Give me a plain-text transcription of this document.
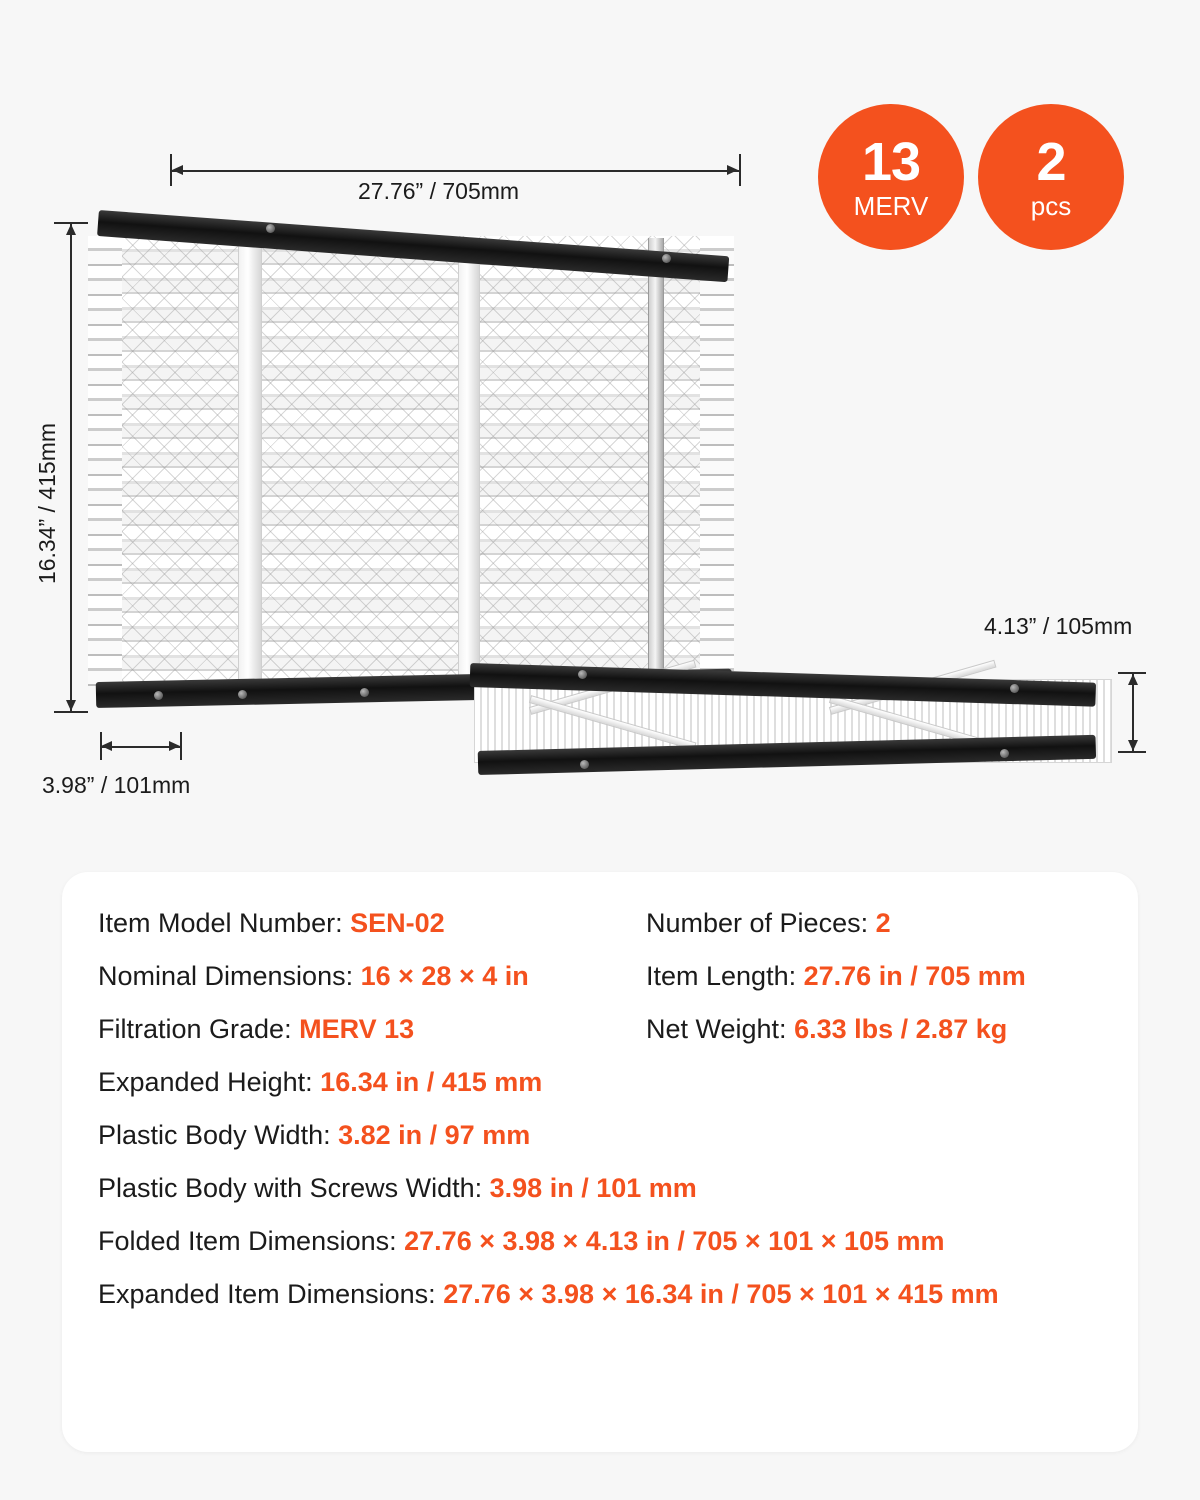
27.76” / 705mm
16.34” / 415mm
3.98” / 101mm
4.13” / 105mm
13
MERV
2
pcs
Item Model Number: SEN-02
Nominal Dimensions: 16 × 28 × 4 in
Filtration Grade: MERV 13
Expanded Height: 16.34 in / 415 mm
Plastic Body Width: 3.82 in / 97 mm
Plastic Body with Screws Width: 3.98 in / 101 mm
Folded Item Dimensions: 27.76 × 3.98 × 4.13 in / 705 × 101 × 105 mm
Expanded Item Dimensions: 27.76 × 3.98 × 16.34 in / 705 × 101 × 415 mm
Number of Pieces: 2
Item Length: 27.76 in / 705 mm
Net Weight: 6.33 lbs / 2.87 kg
